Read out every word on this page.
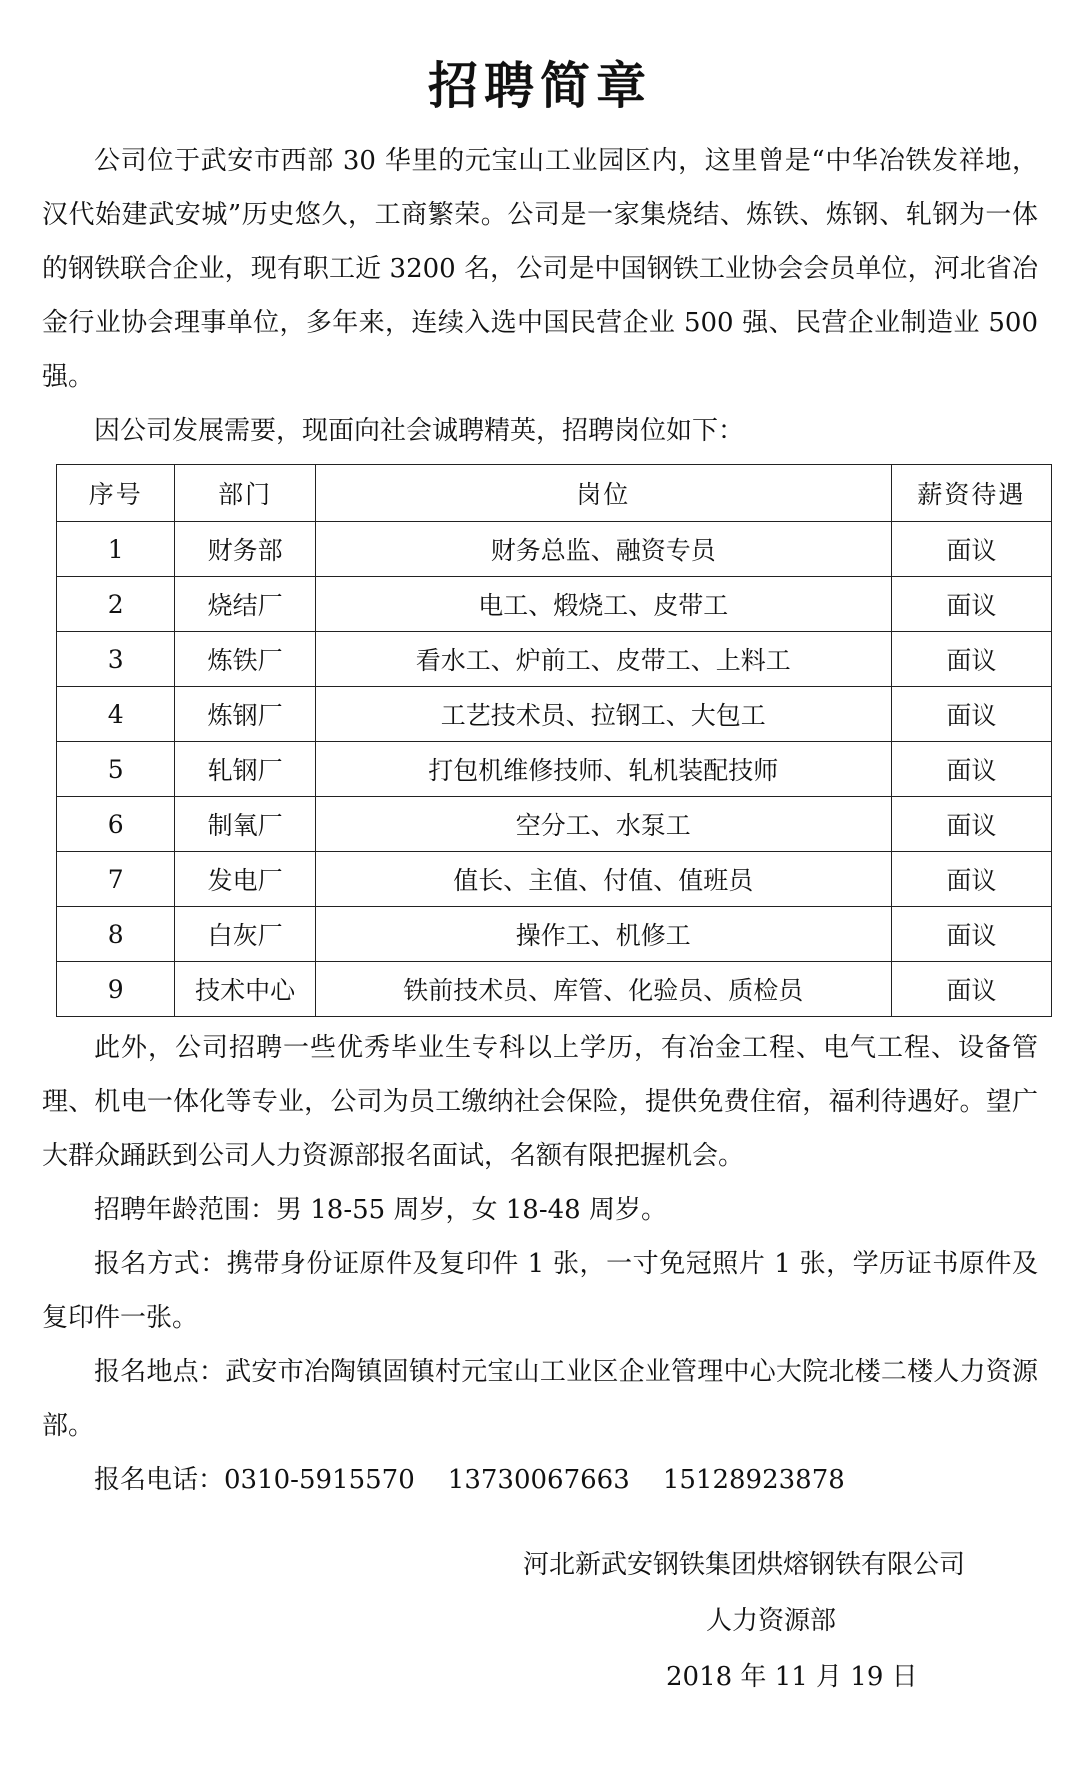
招聘简章

公司位于武安市西部 30 华里的元宝山工业园区内，这里曾是“中华冶铁发祥地，汉代始建武安城”历史悠久，工商繁荣。公司是一家集烧结、炼铁、炼钢、轧钢为一体的钢铁联合企业，现有职工近 3200 名，公司是中国钢铁工业协会会员单位，河北省冶金行业协会理事单位，多年来，连续入选中国民营企业 500 强、民营企业制造业 500 强。

因公司发展需要，现面向社会诚聘精英，招聘岗位如下：

序号	部门	岗位	薪资待遇
1	财务部	财务总监、融资专员	面议
2	烧结厂	电工、煅烧工、皮带工	面议
3	炼铁厂	看水工、炉前工、皮带工、上料工	面议
4	炼钢厂	工艺技术员、拉钢工、大包工	面议
5	轧钢厂	打包机维修技师、轧机装配技师	面议
6	制氧厂	空分工、水泵工	面议
7	发电厂	值长、主值、付值、值班员	面议
8	白灰厂	操作工、机修工	面议
9	技术中心	铁前技术员、库管、化验员、质检员	面议

此外，公司招聘一些优秀毕业生专科以上学历，有冶金工程、电气工程、设备管理、机电一体化等专业，公司为员工缴纳社会保险，提供免费住宿，福利待遇好。望广大群众踊跃到公司人力资源部报名面试，名额有限把握机会。

招聘年龄范围：男 18-55 周岁，女 18-48 周岁。

报名方式：携带身份证原件及复印件 1 张，一寸免冠照片 1 张，学历证书原件及复印件一张。

报名地点：武安市冶陶镇固镇村元宝山工业区企业管理中心大院北楼二楼人力资源部。

报名电话：0310-5915570    13730067663    15128923878

河北新武安钢铁集团烘熔钢铁有限公司
人力资源部
2018 年 11 月 19 日
